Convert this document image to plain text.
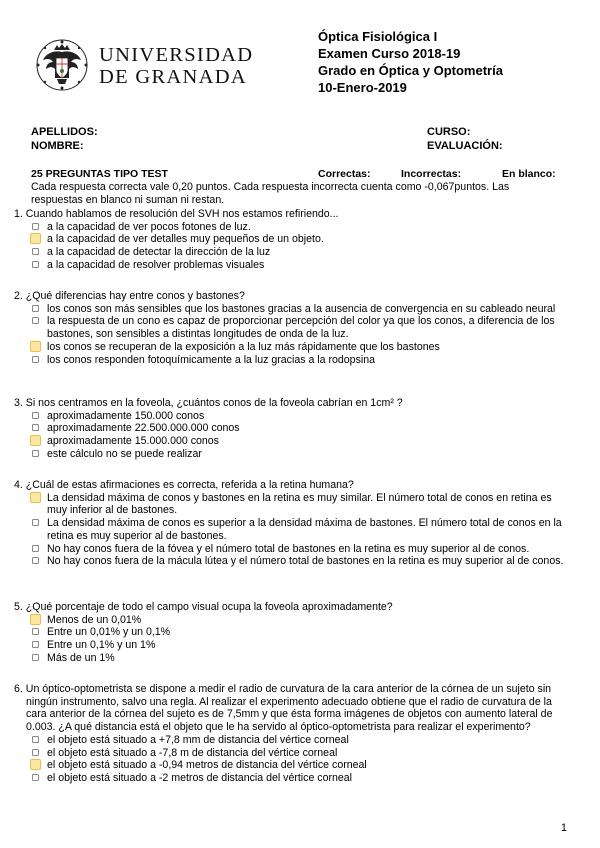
UNIVERSIDAD
DE GRANADA
Óptica Fisiológica I
Examen Curso 2018-19
Grado en Óptica y Optometría
10-Enero-2019
APELLIDOS:
NOMBRE:
CURSO:
EVALUACIÓN:
25 PREGUNTAS TIPO TEST	Correctas:	Incorrectas:	En blanco:
Cada respuesta correcta vale 0,20 puntos. Cada respuesta incorrecta cuenta como -0,067puntos. Las respuestas en blanco ni suman ni restan.
1. Cuando hablamos de resolución del SVH nos estamos refiriendo...
a la capacidad de ver pocos fotones de luz.
a la capacidad de ver detalles muy pequeños de un objeto.
a la capacidad de detectar la dirección de la luz
a la capacidad de resolver problemas visuales
2. ¿Qué diferencias hay entre conos y bastones?
los conos son más sensibles que los bastones gracias a la ausencia de convergencia en su cableado neural
la respuesta de un cono es capaz de proporcionar percepción del color ya que los conos, a diferencia de los bastones, son sensibles a distintas longitudes de onda de la luz.
los conos se recuperan de la exposición a la luz más rápidamente que los bastones
los conos responden fotoquímicamente a la luz gracias a la rodopsina
3. Si nos centramos en la foveola, ¿cuántos conos de la foveola cabrían en 1cm² ?
aproximadamente 150.000 conos
aproximadamente 22.500.000.000 conos
aproximadamente 15.000.000 conos
este cálculo no se puede realizar
4. ¿Cuál de estas afirmaciones es correcta, referida a la retina humana?
La densidad máxima de conos y bastones en la retina es muy similar. El número total de conos en retina es muy inferior al de bastones.
La densidad máxima de conos es superior a la densidad máxima de bastones. El número total de conos en la retina es muy superior al de bastones.
No hay conos fuera de la fóvea y el número total de bastones en la retina es muy superior al de conos.
No hay conos fuera de la mácula lútea y el número total de bastones en la retina es muy superior al de conos.
5. ¿Qué porcentaje de todo el campo visual ocupa la foveola aproximadamente?
Menos de un 0,01%
Entre un 0,01% y un 0,1%
Entre un 0,1% y un 1%
Más de un 1%
6. Un óptico-optometrista se dispone a medir el radio de curvatura de la cara anterior de la córnea de un sujeto sin ningún instrumento, salvo una regla. Al realizar el experimento adecuado obtiene que el radio de curvatura de la cara anterior de la córnea del sujeto es de 7,5mm y que ésta forma imágenes de objetos con aumento lateral de 0.003. ¿A qué distancia está el objeto que le ha servido al óptico-optometrista para realizar el experimento?
el objeto está situado a +7,8 mm de distancia del vértice corneal
el objeto está situado a -7,8 m de distancia del vértice corneal
el objeto está situado a -0,94 metros de distancia del vértice corneal
el objeto está situado a -2 metros de distancia del vértice corneal
1
